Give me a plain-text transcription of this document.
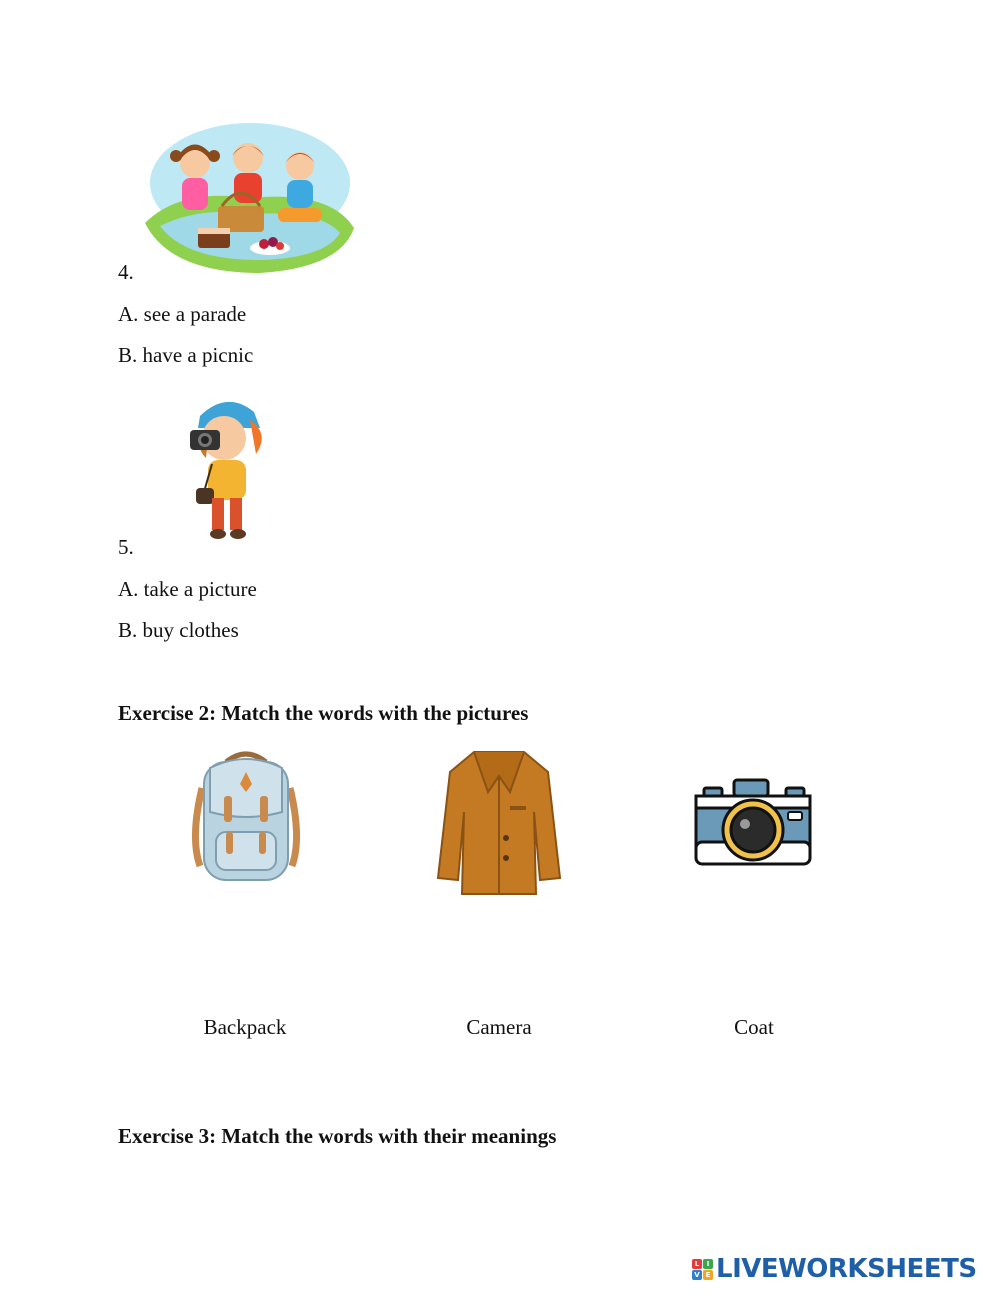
4.

A. see a parade

B. have a picnic

5.

A. take a picture

B. buy clothes

Exercise 2: Match the words with the pictures

Backpack	Camera	Coat

Exercise 3: Match the words with their meanings

L	I
V E LIVEWORKSHEETS
